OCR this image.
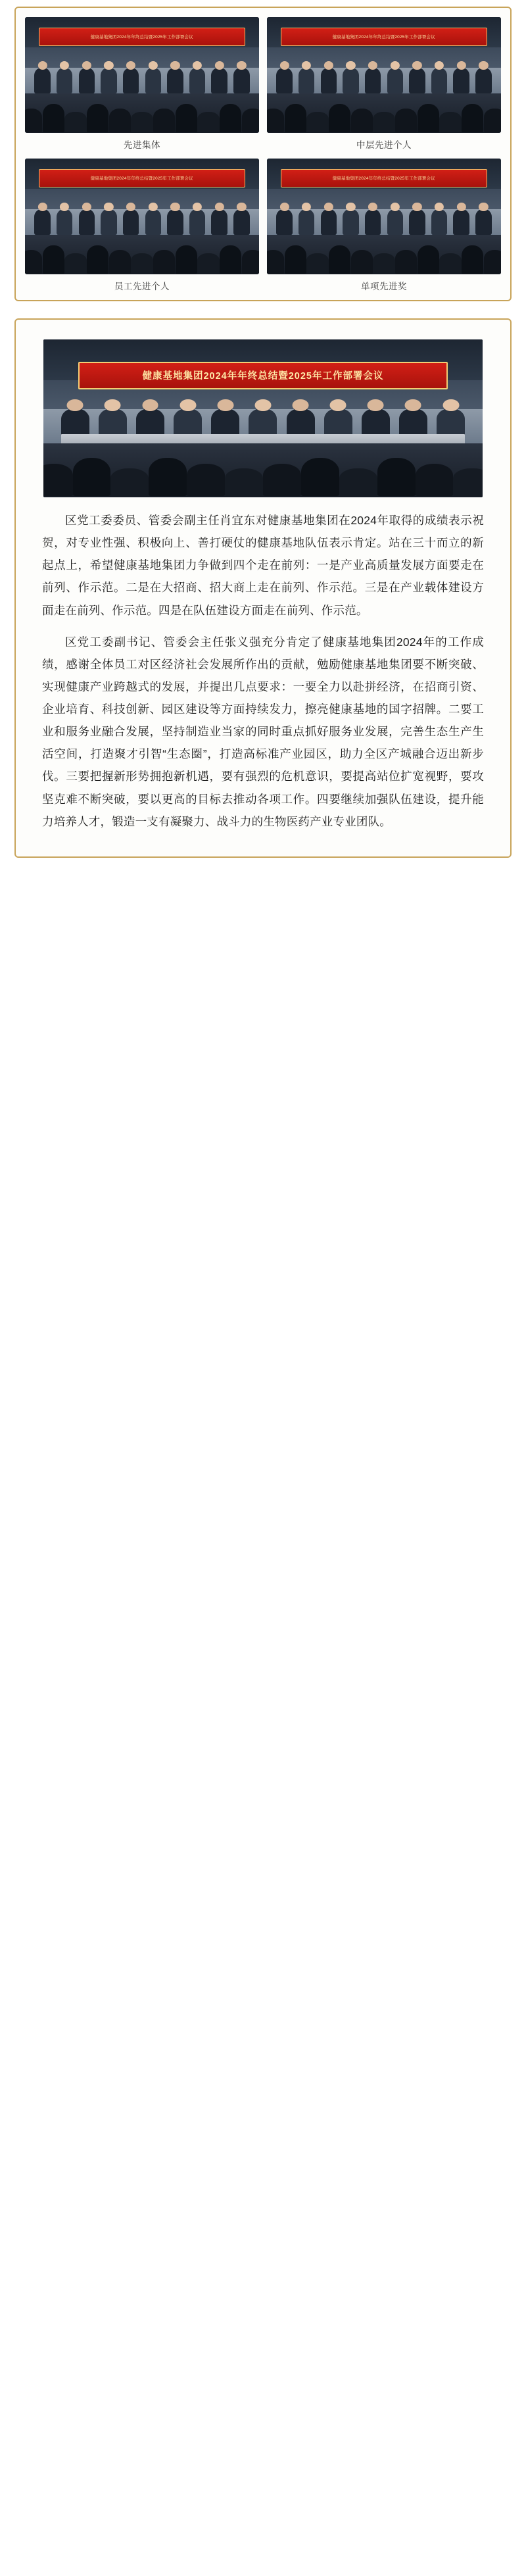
健康基地集团2024年年终总结暨2025年工作部署会议
先进集体
健康基地集团2024年年终总结暨2025年工作部署会议
中层先进个人
健康基地集团2024年年终总结暨2025年工作部署会议
员工先进个人
健康基地集团2024年年终总结暨2025年工作部署会议
单项先进奖
健康基地集团2024年年终总结暨2025年工作部署会议

区党工委委员、管委会副主任肖宜东对健康基地集团在2024年取得的成绩表示祝贺，对专业性强、积极向上、善打硬仗的健康基地队伍表示肯定。站在三十而立的新起点上，希望健康基地集团力争做到四个走在前列：一是产业高质量发展方面要走在前列、作示范。二是在大招商、招大商上走在前列、作示范。三是在产业载体建设方面走在前列、作示范。四是在队伍建设方面走在前列、作示范。

区党工委副书记、管委会主任张义强充分肯定了健康基地集团2024年的工作成绩，感谢全体员工对区经济社会发展所作出的贡献，勉励健康基地集团要不断突破、实现健康产业跨越式的发展，并提出几点要求：一要全力以赴拼经济，在招商引资、企业培育、科技创新、园区建设等方面持续发力，擦亮健康基地的国字招牌。二要工业和服务业融合发展，坚持制造业当家的同时重点抓好服务业发展，完善生态生产生活空间，打造聚才引智“生态圈”，打造高标准产业园区，助力全区产城融合迈出新步伐。三要把握新形势拥抱新机遇，要有强烈的危机意识，要提高站位扩宽视野，要攻坚克难不断突破，要以更高的目标去推动各项工作。四要继续加强队伍建设，提升能力培养人才，锻造一支有凝聚力、战斗力的生物医药产业专业团队。
